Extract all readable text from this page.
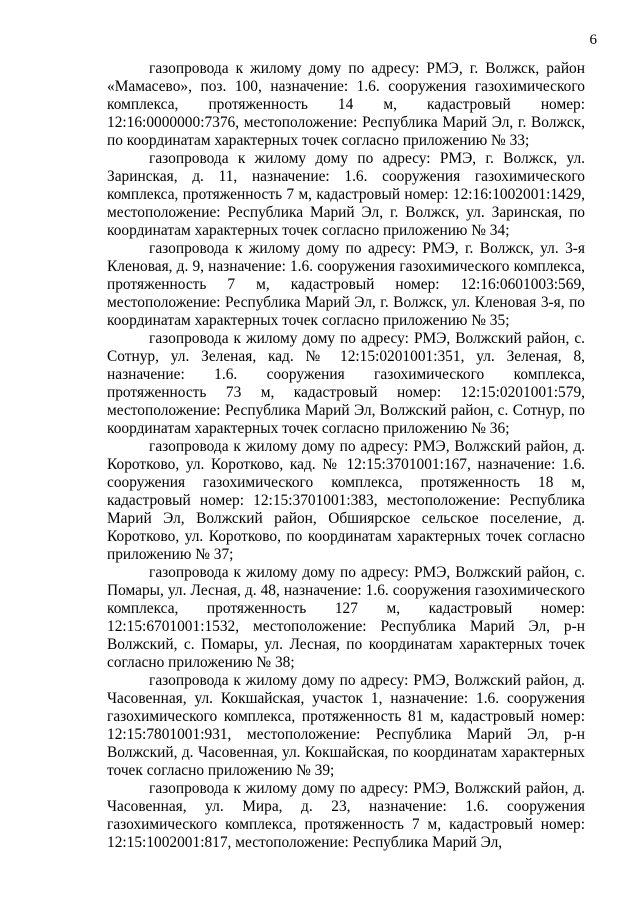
6

газопровода к жилому дому по адресу: РМЭ, г. Волжск, район «Мамасево», поз. 100, назначение: 1.6. сооружения газохимического комплекса, протяженность 14 м, кадастровый номер: 12:16:0000000:7376, местоположение: Республика Марий Эл, г. Волжск, по координатам характерных точек согласно приложению № 33;

газопровода к жилому дому по адресу: РМЭ, г. Волжск, ул. Заринская, д. 11, назначение: 1.6. сооружения газохимического комплекса, протяженность 7 м, кадастровый номер: 12:16:1002001:1429, местоположение: Республика Марий Эл, г. Волжск, ул. Заринская, по координатам характерных точек согласно приложению № 34;

газопровода к жилому дому по адресу: РМЭ, г. Волжск, ул. 3-я Кленовая, д. 9, назначение: 1.6. сооружения газохимического комплекса, протяженность 7 м, кадастровый номер: 12:16:0601003:569, местоположение: Республика Марий Эл, г. Волжск, ул. Кленовая 3-я, по координатам характерных точек согласно приложению № 35;

газопровода к жилому дому по адресу: РМЭ, Волжский район, с. Сотнур, ул. Зеленая, кад. № 12:15:0201001:351, ул. Зеленая, 8, назначение: 1.6. сооружения газохимического комплекса, протяженность 73 м, кадастровый номер: 12:15:0201001:579, местоположение: Республика Марий Эл, Волжский район, с. Сотнур, по координатам характерных точек согласно приложению № 36;

газопровода к жилому дому по адресу: РМЭ, Волжский район, д. Коротково, ул. Коротково, кад. № 12:15:3701001:167, назначение: 1.6. сооружения газохимического комплекса, протяженность 18 м, кадастровый номер: 12:15:3701001:383, местоположение: Республика Марий Эл, Волжский район, Обшиярское сельское поселение, д. Коротково, ул. Коротково, по координатам характерных точек согласно приложению № 37;

газопровода к жилому дому по адресу: РМЭ, Волжский район, с. Помары, ул. Лесная, д. 48, назначение: 1.6. сооружения газохимического комплекса, протяженность 127 м, кадастровый номер: 12:15:6701001:1532, местоположение: Республика Марий Эл, р-н Волжский, с. Помары, ул. Лесная, по координатам характерных точек согласно приложению № 38;

газопровода к жилому дому по адресу: РМЭ, Волжский район, д. Часовенная, ул. Кокшайская, участок 1, назначение: 1.6. сооружения газохимического комплекса, протяженность 81 м, кадастровый номер: 12:15:7801001:931, местоположение: Республика Марий Эл, р-н Волжский, д. Часовенная, ул. Кокшайская, по координатам характерных точек согласно приложению № 39;

газопровода к жилому дому по адресу: РМЭ, Волжский район, д. Часовенная, ул. Мира, д. 23, назначение: 1.6. сооружения газохимического комплекса, протяженность 7 м, кадастровый номер: 12:15:1002001:817, местоположение: Республика Марий Эл,
